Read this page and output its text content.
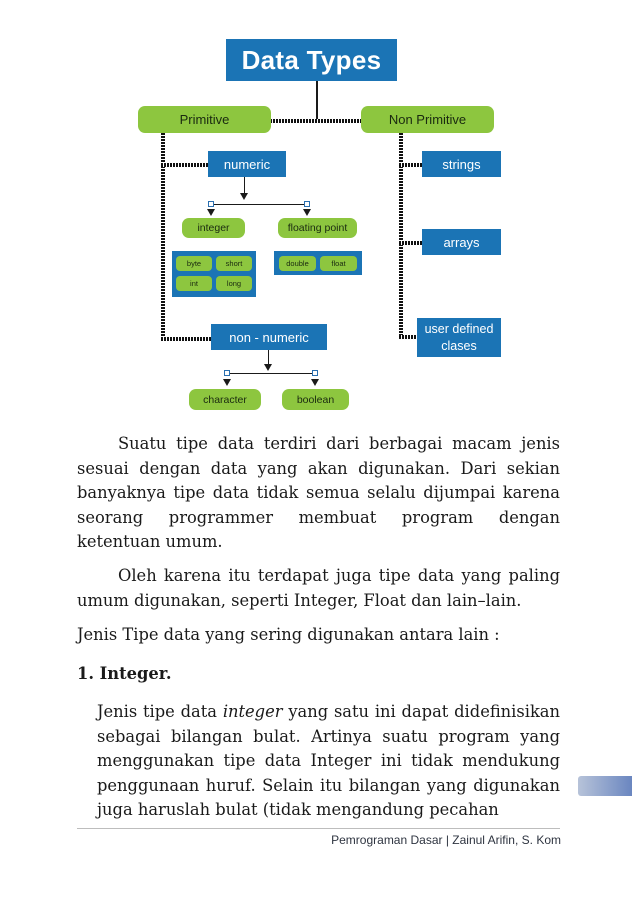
Data Types
Primitive	Non Primitive
numeric
integer	floating point
byte	short
int	long
double	float
non - numeric
character	boolean
strings
arrays
user defined
clases

Suatu tipe data terdiri dari berbagai macam jenis sesuai dengan data yang akan digunakan. Dari sekian banyaknya tipe data tidak semua selalu dijumpai karena seorang programmer membuat program dengan ketentuan umum.

Oleh karena itu terdapat juga tipe data yang paling umum digunakan, seperti Integer, Float dan lain–lain.

Jenis Tipe data yang sering digunakan antara lain :

1. Integer.

Jenis tipe data integer yang satu ini dapat didefinisikan sebagai bilangan bulat. Artinya suatu program yang menggunakan tipe data Integer ini tidak mendukung penggunaan huruf. Selain itu bilangan yang digunakan juga haruslah bulat (tidak mengandung pecahan

Pemrograman Dasar | Zainul Arifin, S. Kom
